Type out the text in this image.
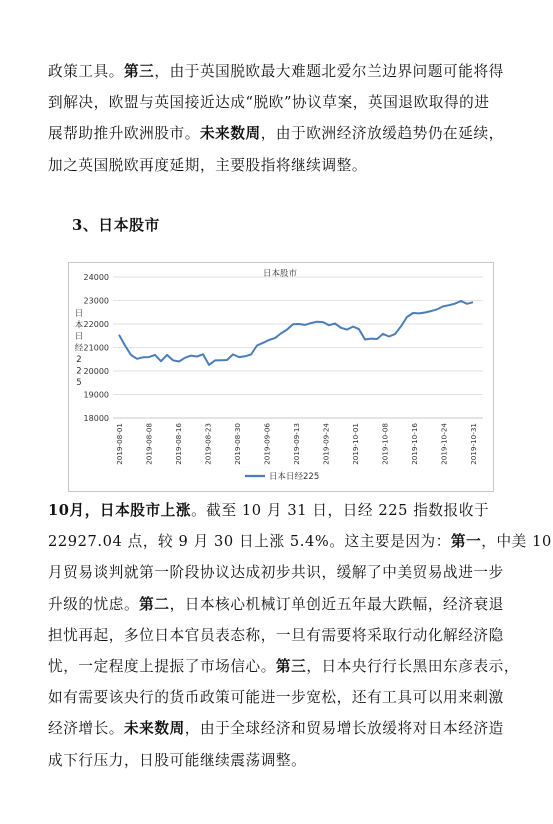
政策工具。第三，由于英国脱欧最大难题北爱尔兰边界问题可能将得
到解决，欧盟与英国接近达成“脱欧”协议草案，英国退欧取得的进
展帮助推升欧洲股市。未来数周，由于欧洲经济放缓趋势仍在延续，
加之英国脱欧再度延期，主要股指将继续调整。
3、日本股市
日本股市
18000
19000
20000
21000
22000
23000
24000
日
本
日
经
2
2
5
2019-08-01	2019-08-08	2019-08-16	2019-08-23	2019-08-30	2019-09-06	2019-09-13	2019-09-24	2019-10-01	2019-10-08	2019-10-16	2019-10-24	2019-10-31
日本日经225
10月，日本股市上涨。截至 10 月 31 日，日经 225 指数报收于
22927.04 点，较 9 月 30 日上涨 5.4%。这主要是因为：第一，中美 10
月贸易谈判就第一阶段协议达成初步共识，缓解了中美贸易战进一步
升级的忧虑。第二，日本核心机械订单创近五年最大跌幅，经济衰退
担忧再起，多位日本官员表态称，一旦有需要将采取行动化解经济隐
忧，一定程度上提振了市场信心。第三，日本央行行长黑田东彦表示，
如有需要该央行的货币政策可能进一步宽松，还有工具可以用来刺激
经济增长。未来数周，由于全球经济和贸易增长放缓将对日本经济造
成下行压力，日股可能继续震荡调整。
